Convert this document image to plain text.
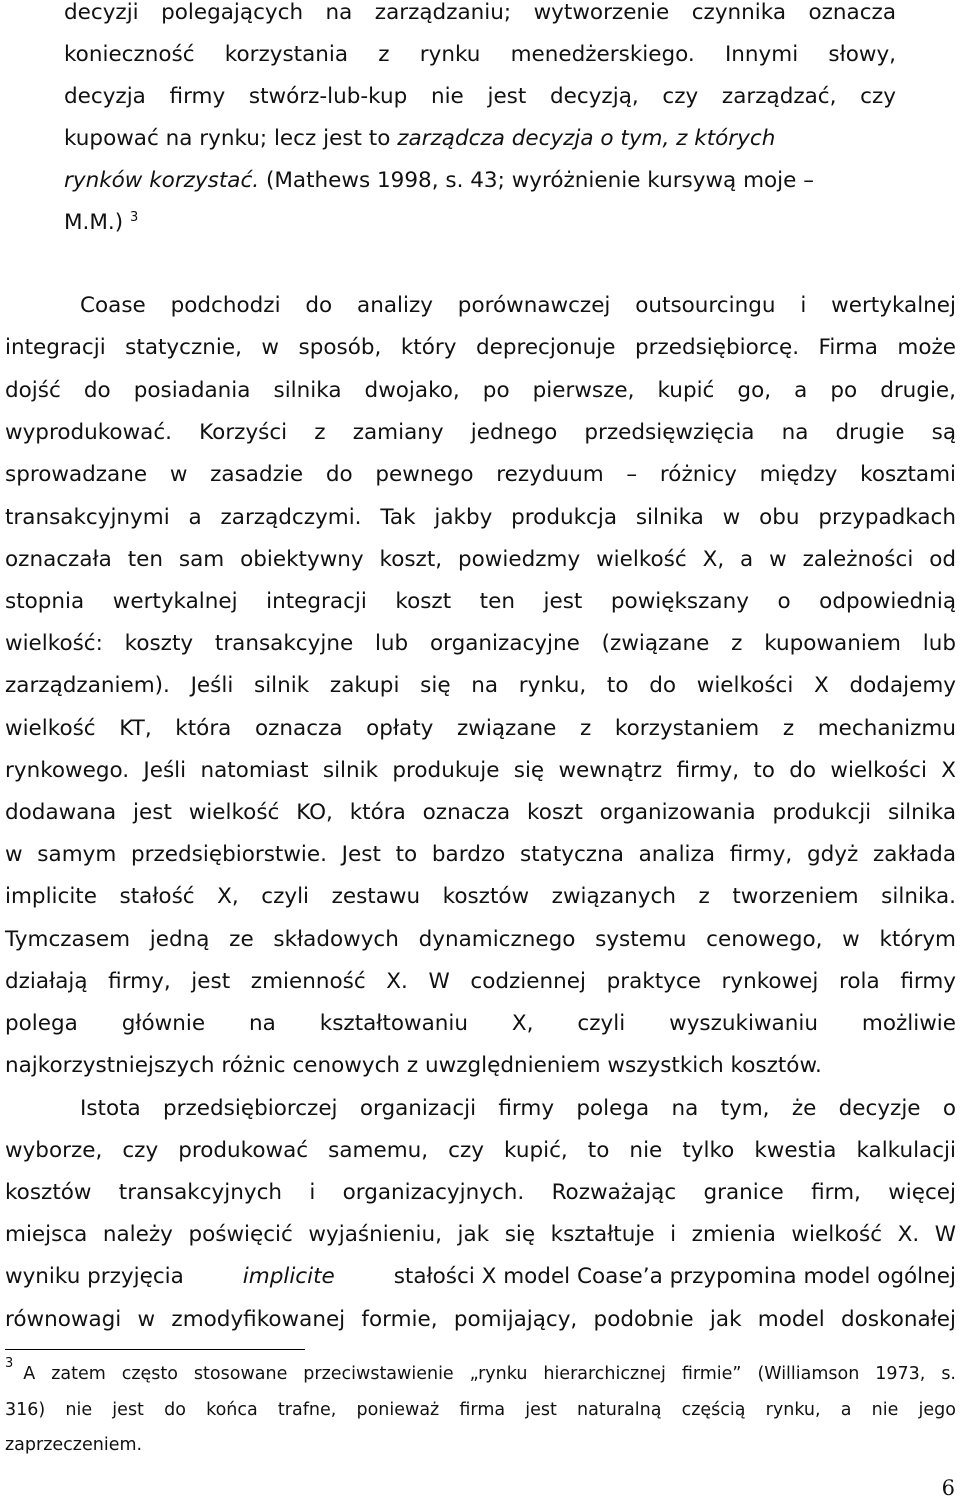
decyzji polegających na zarządzaniu; wytworzenie czynnika oznacza
konieczność korzystania z rynku menedżerskiego. Innymi słowy,
decyzja firmy stwórz-lub-kup nie jest decyzją, czy zarządzać, czy
kupować na rynku; lecz jest to zarządcza decyzja o tym, z których
rynków korzystać. (Mathews 1998, s. 43; wyróżnienie kursywą moje –
M.M.) $^3$
Coase podchodzi do analizy porównawczej outsourcingu i wertykalnej
integracji statycznie, w sposób, który deprecjonuje przedsiębiorcę. Firma może
dojść do posiadania silnika dwojako, po pierwsze, kupić go, a po drugie,
wyprodukować. Korzyści z zamiany jednego przedsięwzięcia na drugie są
sprowadzane w zasadzie do pewnego rezyduum – różnicy między kosztami
transakcyjnymi a zarządczymi. Tak jakby produkcja silnika w obu przypadkach
oznaczała ten sam obiektywny koszt, powiedzmy wielkość X, a w zależności od
stopnia wertykalnej integracji koszt ten jest powiększany o odpowiednią
wielkość: koszty transakcyjne lub organizacyjne (związane z kupowaniem lub
zarządzaniem). Jeśli silnik zakupi się na rynku, to do wielkości X dodajemy
wielkość KT, która oznacza opłaty związane z korzystaniem z mechanizmu
rynkowego. Jeśli natomiast silnik produkuje się wewnątrz firmy, to do wielkości X
dodawana jest wielkość KO, która oznacza koszt organizowania produkcji silnika
w samym przedsiębiorstwie. Jest to bardzo statyczna analiza firmy, gdyż zakłada
implicite stałość X, czyli zestawu kosztów związanych z tworzeniem silnika.
Tymczasem jedną ze składowych dynamicznego systemu cenowego, w którym
działają firmy, jest zmienność X. W codziennej praktyce rynkowej rola firmy
polega głównie na kształtowaniu X, czyli wyszukiwaniu możliwie
najkorzystniejszych różnic cenowych z uwzględnieniem wszystkich kosztów.
Istota przedsiębiorczej organizacji firmy polega na tym, że decyzje o
wyborze, czy produkować samemu, czy kupić, to nie tylko kwestia kalkulacji
kosztów transakcyjnych i organizacyjnych. Rozważając granice firm, więcej
miejsca należy poświęcić wyjaśnieniu, jak się kształtuje i zmienia wielkość X. W
wyniku przyjęcia	implicite	stałości X model Coase’a przypomina model ogólnej
równowagi w zmodyfikowanej formie, pomijający, podobnie jak model doskonałej
3
A zatem często stosowane przeciwstawienie „rynku hierarchicznej firmie” (Williamson 1973, s.
316) nie jest do końca trafne, ponieważ firma jest naturalną częścią rynku, a nie jego
zaprzeczeniem.
6
